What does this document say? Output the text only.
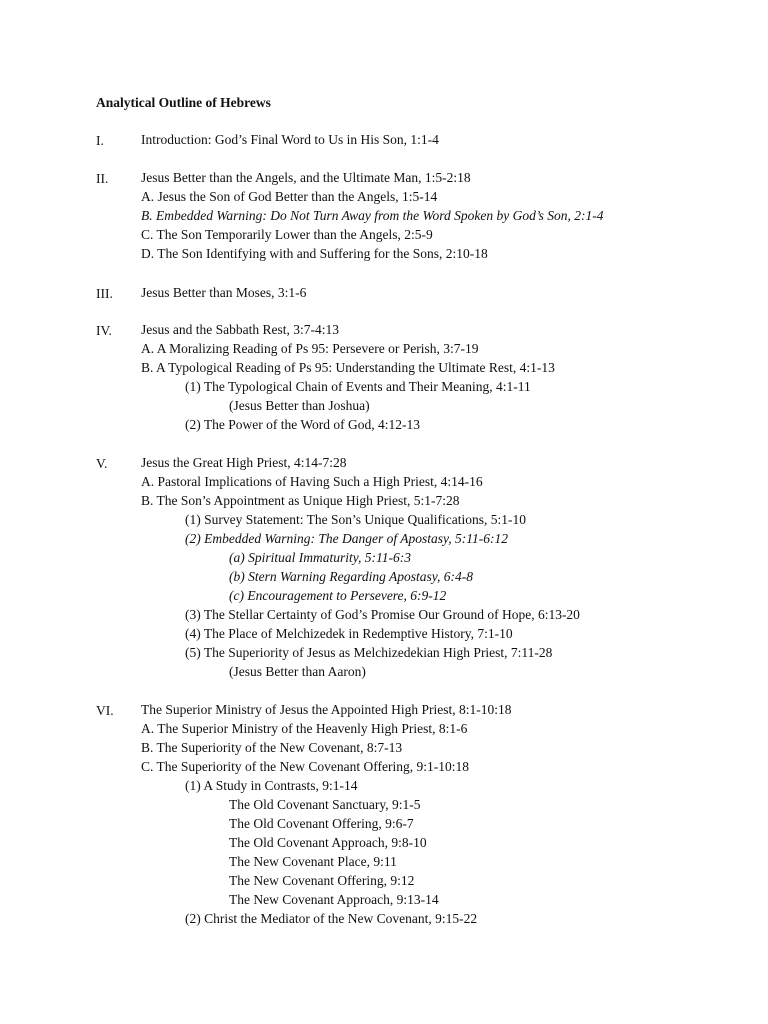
Analytical Outline of Hebrews
I.	Introduction: God’s Final Word to Us in His Son, 1:1-4
II. Jesus Better than the Angels, and the Ultimate Man, 1:5-2:18
A. Jesus the Son of God Better than the Angels, 1:5-14
B. Embedded Warning: Do Not Turn Away from the Word Spoken by God’s Son, 2:1-4
C. The Son Temporarily Lower than the Angels, 2:5-9
D. The Son Identifying with and Suffering for the Sons, 2:10-18
III. Jesus Better than Moses, 3:1-6
IV. Jesus and the Sabbath Rest, 3:7-4:13
A. A Moralizing Reading of Ps 95: Persevere or Perish, 3:7-19
B. A Typological Reading of Ps 95: Understanding the Ultimate Rest, 4:1-13
(1) The Typological Chain of Events and Their Meaning, 4:1-11
(Jesus Better than Joshua)
(2) The Power of the Word of God, 4:12-13
V. Jesus the Great High Priest, 4:14-7:28
A. Pastoral Implications of Having Such a High Priest, 4:14-16
B. The Son’s Appointment as Unique High Priest, 5:1-7:28
(1) Survey Statement: The Son’s Unique Qualifications, 5:1-10
(2) Embedded Warning: The Danger of Apostasy, 5:11-6:12
(a) Spiritual Immaturity, 5:11-6:3
(b) Stern Warning Regarding Apostasy, 6:4-8
(c) Encouragement to Persevere, 6:9-12
(3) The Stellar Certainty of God’s Promise Our Ground of Hope, 6:13-20
(4) The Place of Melchizedek in Redemptive History, 7:1-10
(5) The Superiority of Jesus as Melchizedekian High Priest, 7:11-28
(Jesus Better than Aaron)
VI. The Superior Ministry of Jesus the Appointed High Priest, 8:1-10:18
A. The Superior Ministry of the Heavenly High Priest, 8:1-6
B. The Superiority of the New Covenant, 8:7-13
C. The Superiority of the New Covenant Offering, 9:1-10:18
(1) A Study in Contrasts, 9:1-14
The Old Covenant Sanctuary, 9:1-5
The Old Covenant Offering, 9:6-7
The Old Covenant Approach, 9:8-10
The New Covenant Place, 9:11
The New Covenant Offering, 9:12
The New Covenant Approach, 9:13-14
(2) Christ the Mediator of the New Covenant, 9:15-22
